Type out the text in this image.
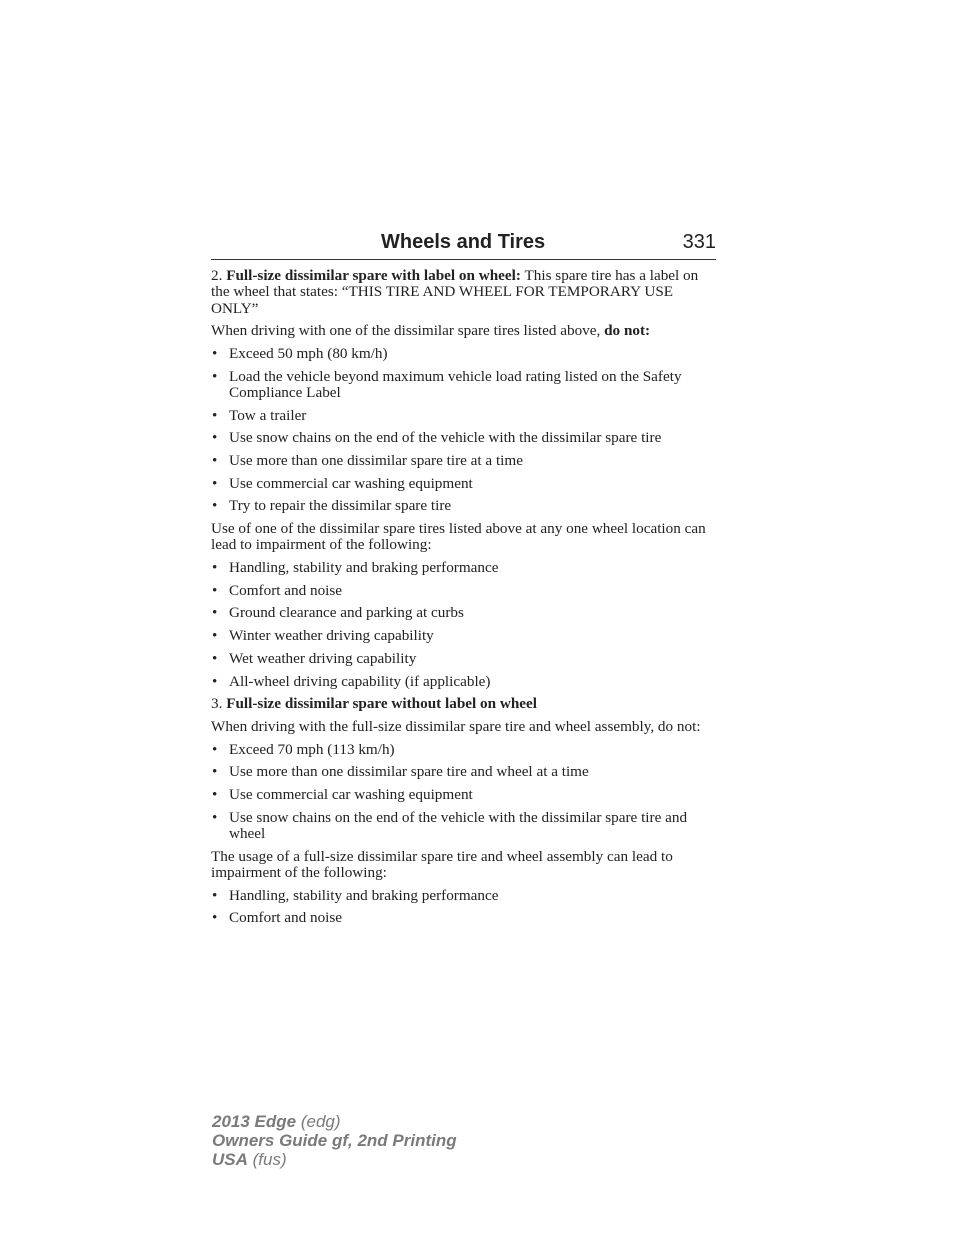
Wheels and Tires	331

2. Full-size dissimilar spare with label on wheel: This spare tire has a label on the wheel that states: “THIS TIRE AND WHEEL FOR TEMPORARY USE ONLY”

When driving with one of the dissimilar spare tires listed above, do not:

• Exceed 50 mph (80 km/h)
• Load the vehicle beyond maximum vehicle load rating listed on the Safety Compliance Label
• Tow a trailer
• Use snow chains on the end of the vehicle with the dissimilar spare tire
• Use more than one dissimilar spare tire at a time
• Use commercial car washing equipment
• Try to repair the dissimilar spare tire

Use of one of the dissimilar spare tires listed above at any one wheel location can lead to impairment of the following:

• Handling, stability and braking performance
• Comfort and noise
• Ground clearance and parking at curbs
• Winter weather driving capability
• Wet weather driving capability
• All-wheel driving capability (if applicable)

3. Full-size dissimilar spare without label on wheel

When driving with the full-size dissimilar spare tire and wheel assembly, do not:

• Exceed 70 mph (113 km/h)
• Use more than one dissimilar spare tire and wheel at a time
• Use commercial car washing equipment
• Use snow chains on the end of the vehicle with the dissimilar spare tire and wheel

The usage of a full-size dissimilar spare tire and wheel assembly can lead to impairment of the following:

• Handling, stability and braking performance
• Comfort and noise
2013 Edge (edg)
Owners Guide gf, 2nd Printing
USA (fus)
